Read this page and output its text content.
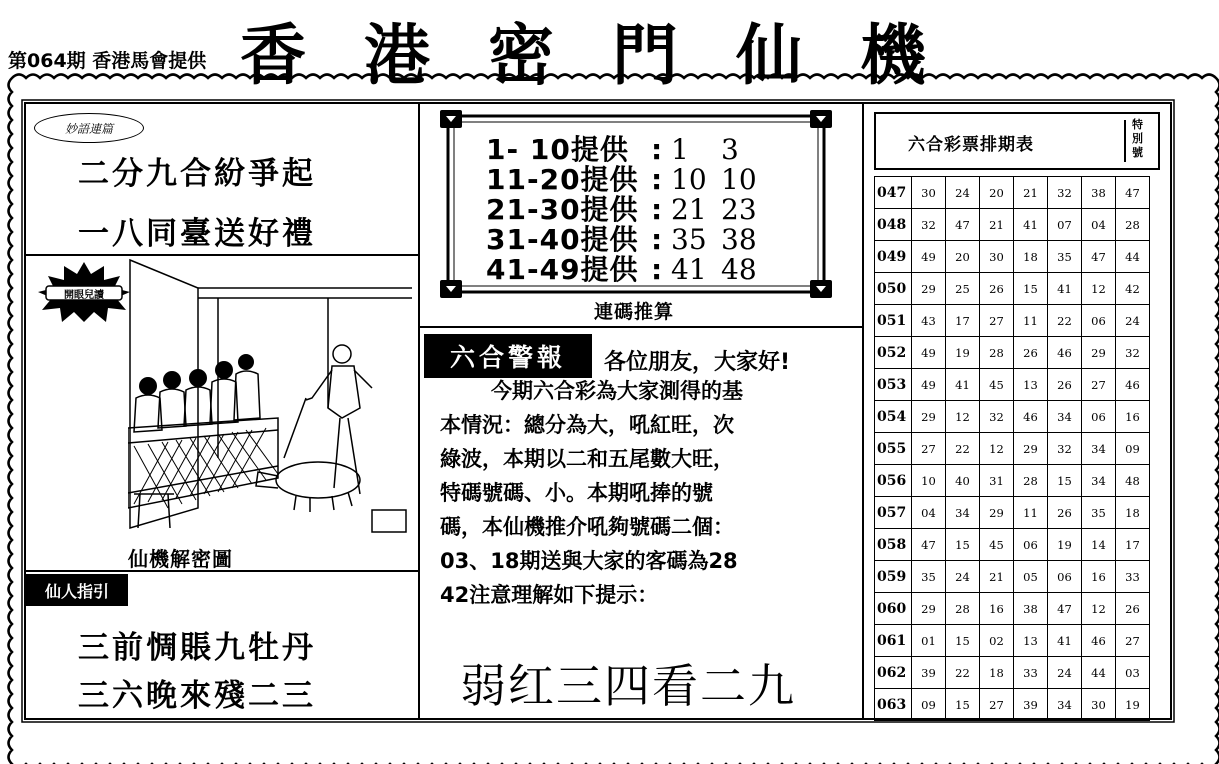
第064期 香港馬會提供 香港密門仙機
妙語連篇
二分九合紛爭起
一八同臺送好禮
開眼兒讀
仙機解密圖
仙人指引
三前惆賬九牡丹
三六晚來殘二三
1- 10提供 : 1 3
11-20提供 : 10 10
21-30提供 : 21 23
31-40提供 : 35 38
41-49提供 : 41 48
連碼推算
六合警報	各位朋友，大家好!
　今期六合彩為大家測得的基
本情況：總分為大，吼紅旺，次
綠波，本期以二和五尾數大旺，
特碼號碼、小。本期吼捧的號
碼，本仙機推介吼夠號碼二個：
03、18期送與大家的客碼為28
42注意理解如下提示：
弱红三四看二九
六合彩票排期表
特別號
047	30	24	20	21	32	38	47
048	32	47	21	41	07	04	28
049	49	20	30	18	35	47	44
050	29	25	26	15	41	12	42
051	43	17	27	11	22	06	24
052	49	19	28	26	46	29	32
053	49	41	45	13	26	27	46
054	29	12	32	46	34	06	16
055	27	22	12	29	32	34	09
056	10	40	31	28	15	34	48
057	04	34	29	11	26	35	18
058	47	15	45	06	19	14	17
059	35	24	21	05	06	16	33
060	29	28	16	38	47	12	26
061	01	15	02	13	41	46	27
062	39	22	18	33	24	44	03
063	09	15	27	39	34	30	19
